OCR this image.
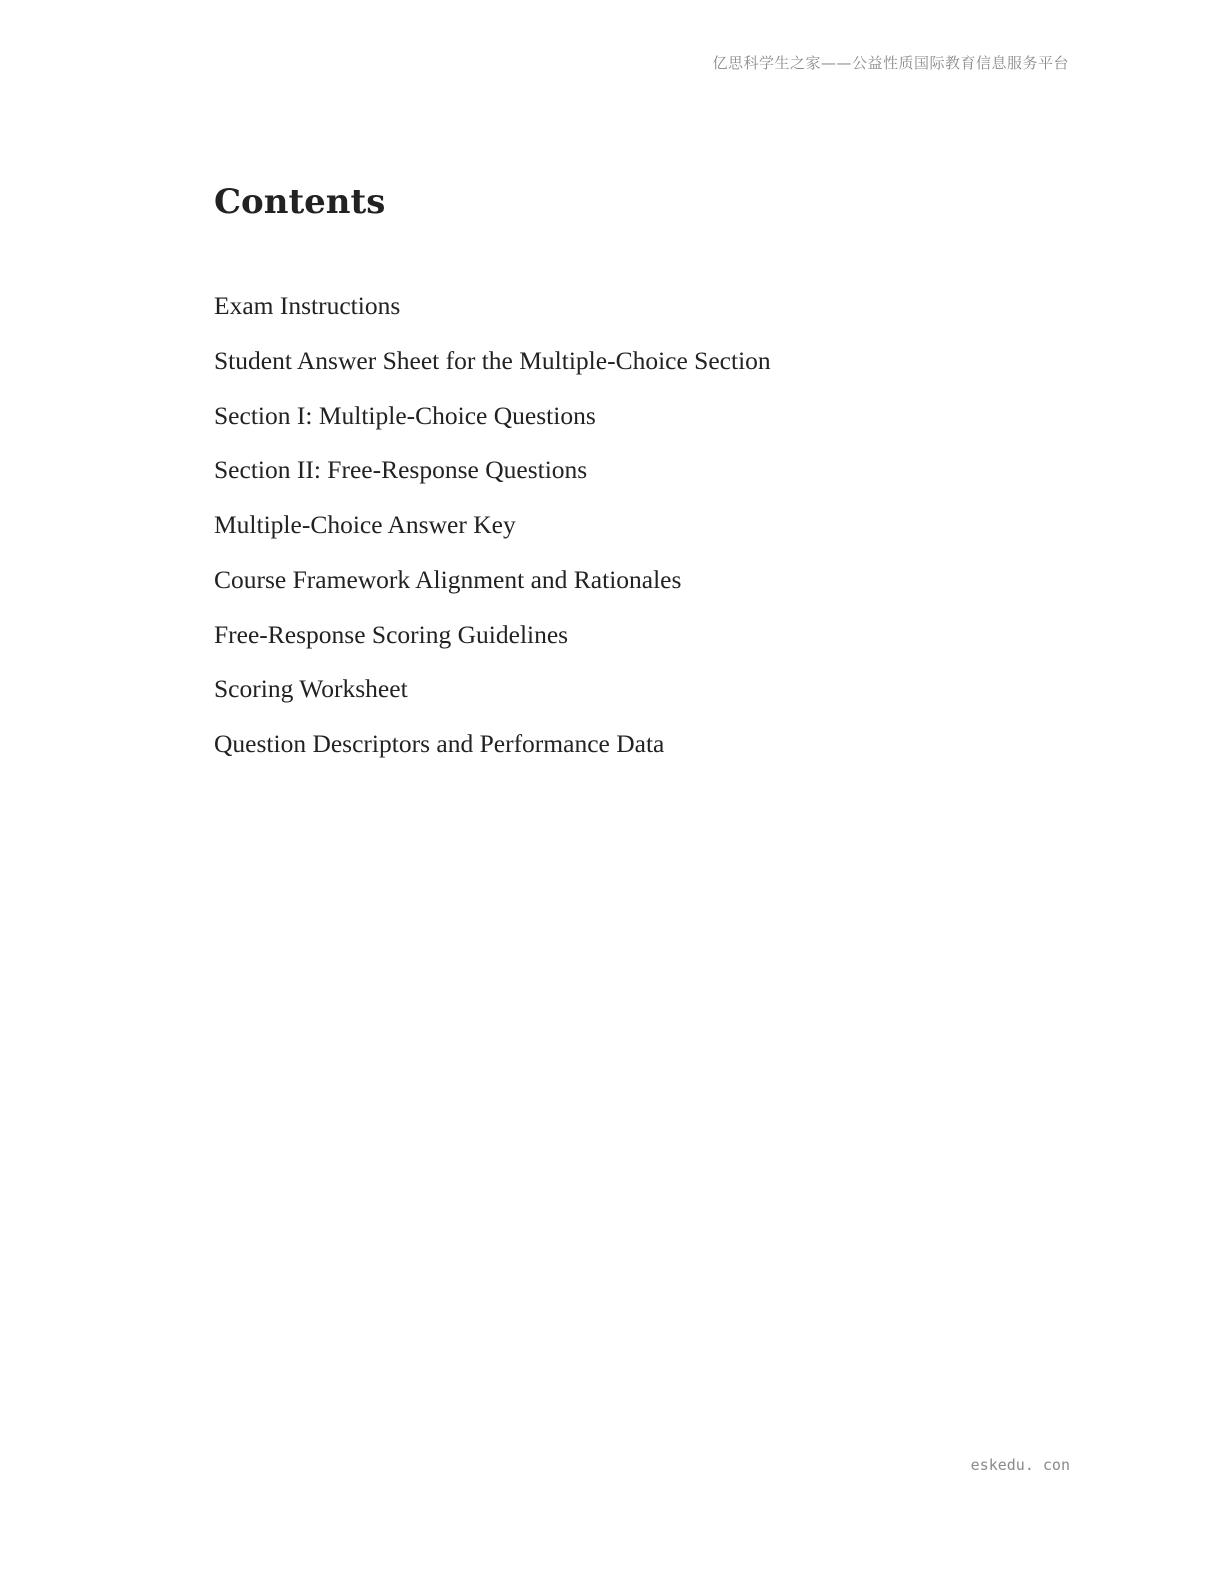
亿思科学生之家——公益性质国际教育信息服务平台
Contents
Exam Instructions
Student Answer Sheet for the Multiple-Choice Section
Section I: Multiple-Choice Questions
Section II: Free-Response Questions
Multiple-Choice Answer Key
Course Framework Alignment and Rationales
Free-Response Scoring Guidelines
Scoring Worksheet
Question Descriptors and Performance Data
eskedu. con
